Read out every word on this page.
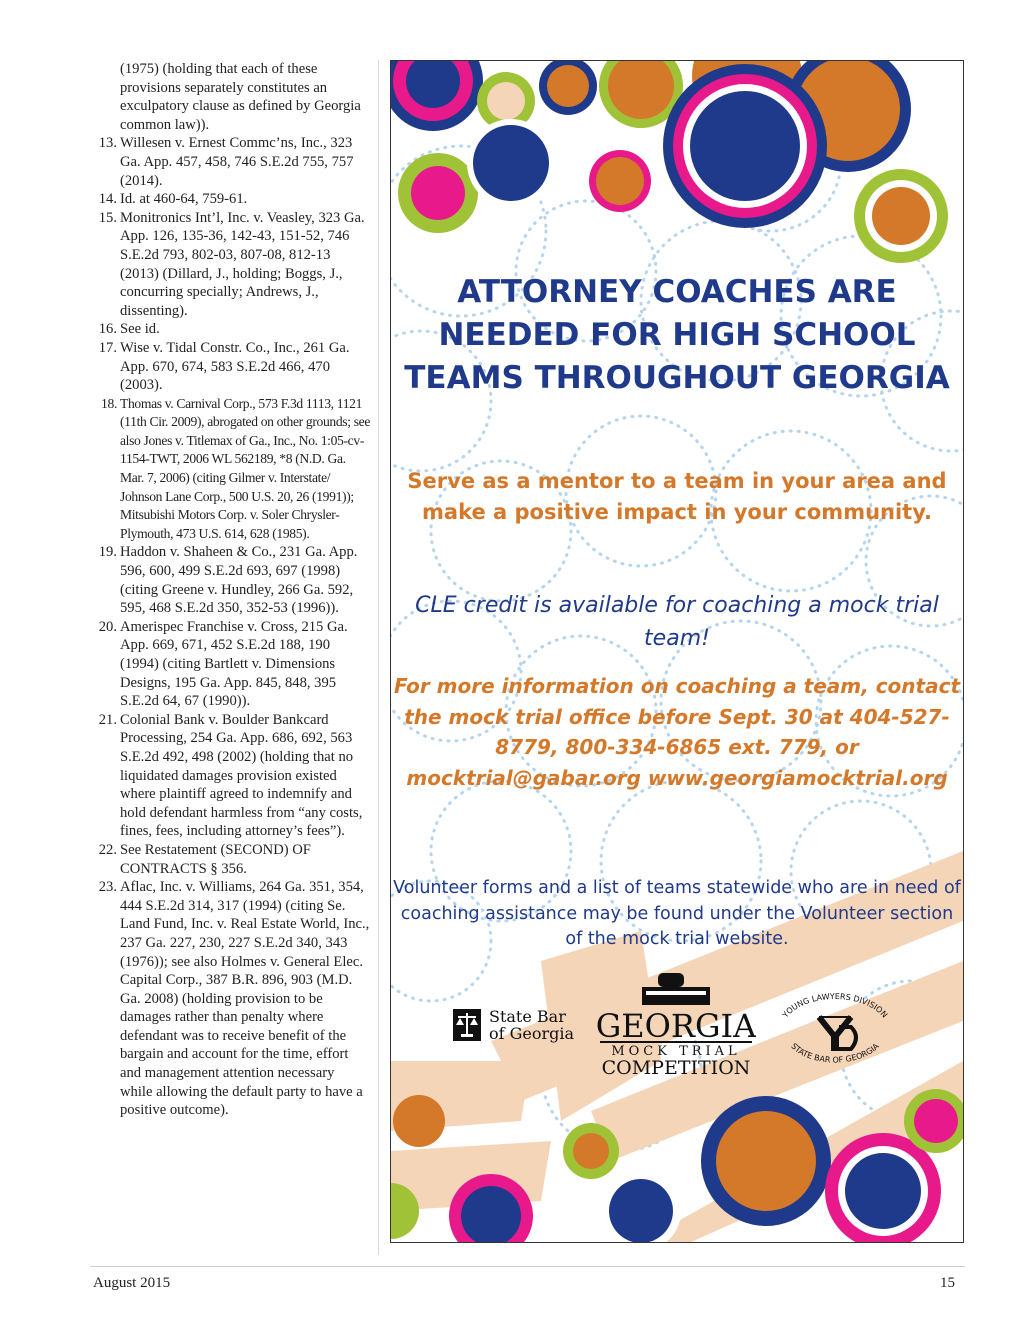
(1975) (holding that each of these provisions separately constitutes an exculpatory clause as defined by Georgia common law)).
13. Willesen v. Ernest Commc’ns, Inc., 323 Ga. App. 457, 458, 746 S.E.2d 755, 757 (2014).
14. Id. at 460-64, 759-61.
15. Monitronics Int’l, Inc. v. Veasley, 323 Ga. App. 126, 135-36, 142-43, 151-52, 746 S.E.2d 793, 802-03, 807-08, 812-13 (2013) (Dillard, J., holding; Boggs, J., concurring specially; Andrews, J., dissenting).
16. See id.
17. Wise v. Tidal Constr. Co., Inc., 261 Ga. App. 670, 674, 583 S.E.2d 466, 470 (2003).
18. Thomas v. Carnival Corp., 573 F.3d 1113, 1121 (11th Cir. 2009), abrogated on other grounds; see also Jones v. Titlemax of Ga., Inc., No. 1:05-cv-1154-TWT, 2006 WL 562189, *8 (N.D. Ga. Mar. 7, 2006) (citing Gilmer v. Interstate/ Johnson Lane Corp., 500 U.S. 20, 26 (1991)); Mitsubishi Motors Corp. v. Soler Chrysler-Plymouth, 473 U.S. 614, 628 (1985).
19. Haddon v. Shaheen & Co., 231 Ga. App. 596, 600, 499 S.E.2d 693, 697 (1998) (citing Greene v. Hundley, 266 Ga. 592, 595, 468 S.E.2d 350, 352-53 (1996)).
20. Amerispec Franchise v. Cross, 215 Ga. App. 669, 671, 452 S.E.2d 188, 190 (1994) (citing Bartlett v. Dimensions Designs, 195 Ga. App. 845, 848, 395 S.E.2d 64, 67 (1990)).
21. Colonial Bank v. Boulder Bankcard Processing, 254 Ga. App. 686, 692, 563 S.E.2d 492, 498 (2002) (holding that no liquidated damages provision existed where plaintiff agreed to indemnify and hold defendant harmless from “any costs, fines, fees, including attorney’s fees”).
22. See Restatement (SECOND) OF CONTRACTS § 356.
23. Aflac, Inc. v. Williams, 264 Ga. 351, 354, 444 S.E.2d 314, 317 (1994) (citing Se. Land Fund, Inc. v. Real Estate World, Inc., 237 Ga. 227, 230, 227 S.E.2d 340, 343 (1976)); see also Holmes v. General Elec. Capital Corp., 387 B.R. 896, 903 (M.D. Ga. 2008) (holding provision to be damages rather than penalty where defendant was to receive benefit of the bargain and account for the time, effort and management attention necessary while allowing the default party to have a positive outcome).

ATTORNEY COACHES ARE NEEDED FOR HIGH SCHOOL TEAMS THROUGHOUT GEORGIA

Serve as a mentor to a team in your area and make a positive impact in your community.

CLE credit is available for coaching a mock trial team!

For more information on coaching a team, contact the mock trial office before Sept. 30 at 404-527-8779, 800-334-6865 ext. 779, or mocktrial@gabar.org www.georgiamocktrial.org

Volunteer forms and a list of teams statewide who are in need of coaching assistance may be found under the Volunteer section of the mock trial website.

State Bar of Georgia GEORGIA
MOCK TRIAL
COMPETITION
YOUNG LAWYERS DIVISION
STATE BAR OF GEORGIA
August 2015	15
